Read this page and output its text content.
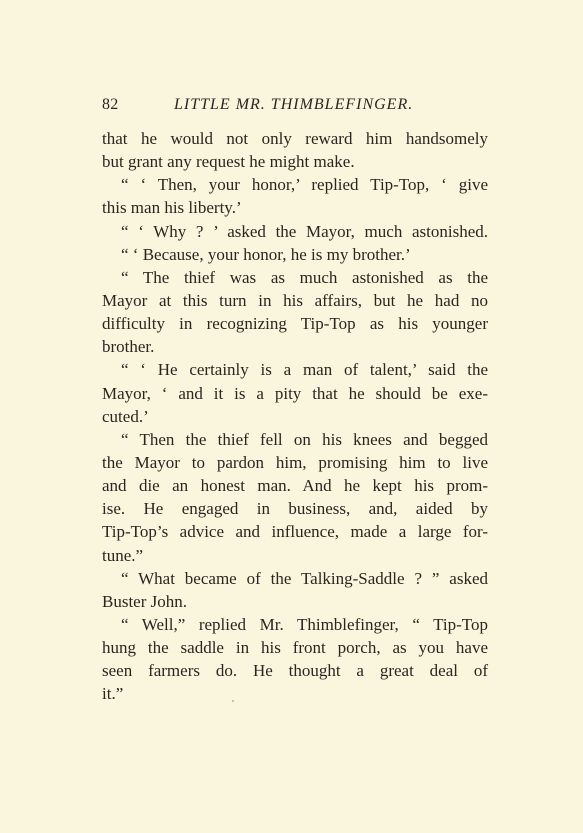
82	LITTLE MR. THIMBLEFINGER.
that he would not only reward him handsomely
but grant any request he might make.
“ ‘ Then, your honor,’ replied Tip-Top, ‘ give
this man his liberty.’
“ ‘ Why ? ’ asked the Mayor, much astonished.
“ ‘ Because, your honor, he is my brother.’
“ The thief was as much astonished as the
Mayor at this turn in his affairs, but he had no
difficulty in recognizing Tip-Top as his younger
brother.
“ ‘ He certainly is a man of talent,’ said the
Mayor, ‘ and it is a pity that he should be exe-
cuted.’
“ Then the thief fell on his knees and begged
the Mayor to pardon him, promising him to live
and die an honest man. And he kept his prom-
ise. He engaged in business, and, aided by
Tip-Top’s advice and influence, made a large for-
tune.”
“ What became of the Talking-Saddle ? ” asked
Buster John.
“ Well,” replied Mr. Thimblefinger, “ Tip-Top
hung the saddle in his front porch, as you have
seen farmers do. He thought a great deal of
it.”
